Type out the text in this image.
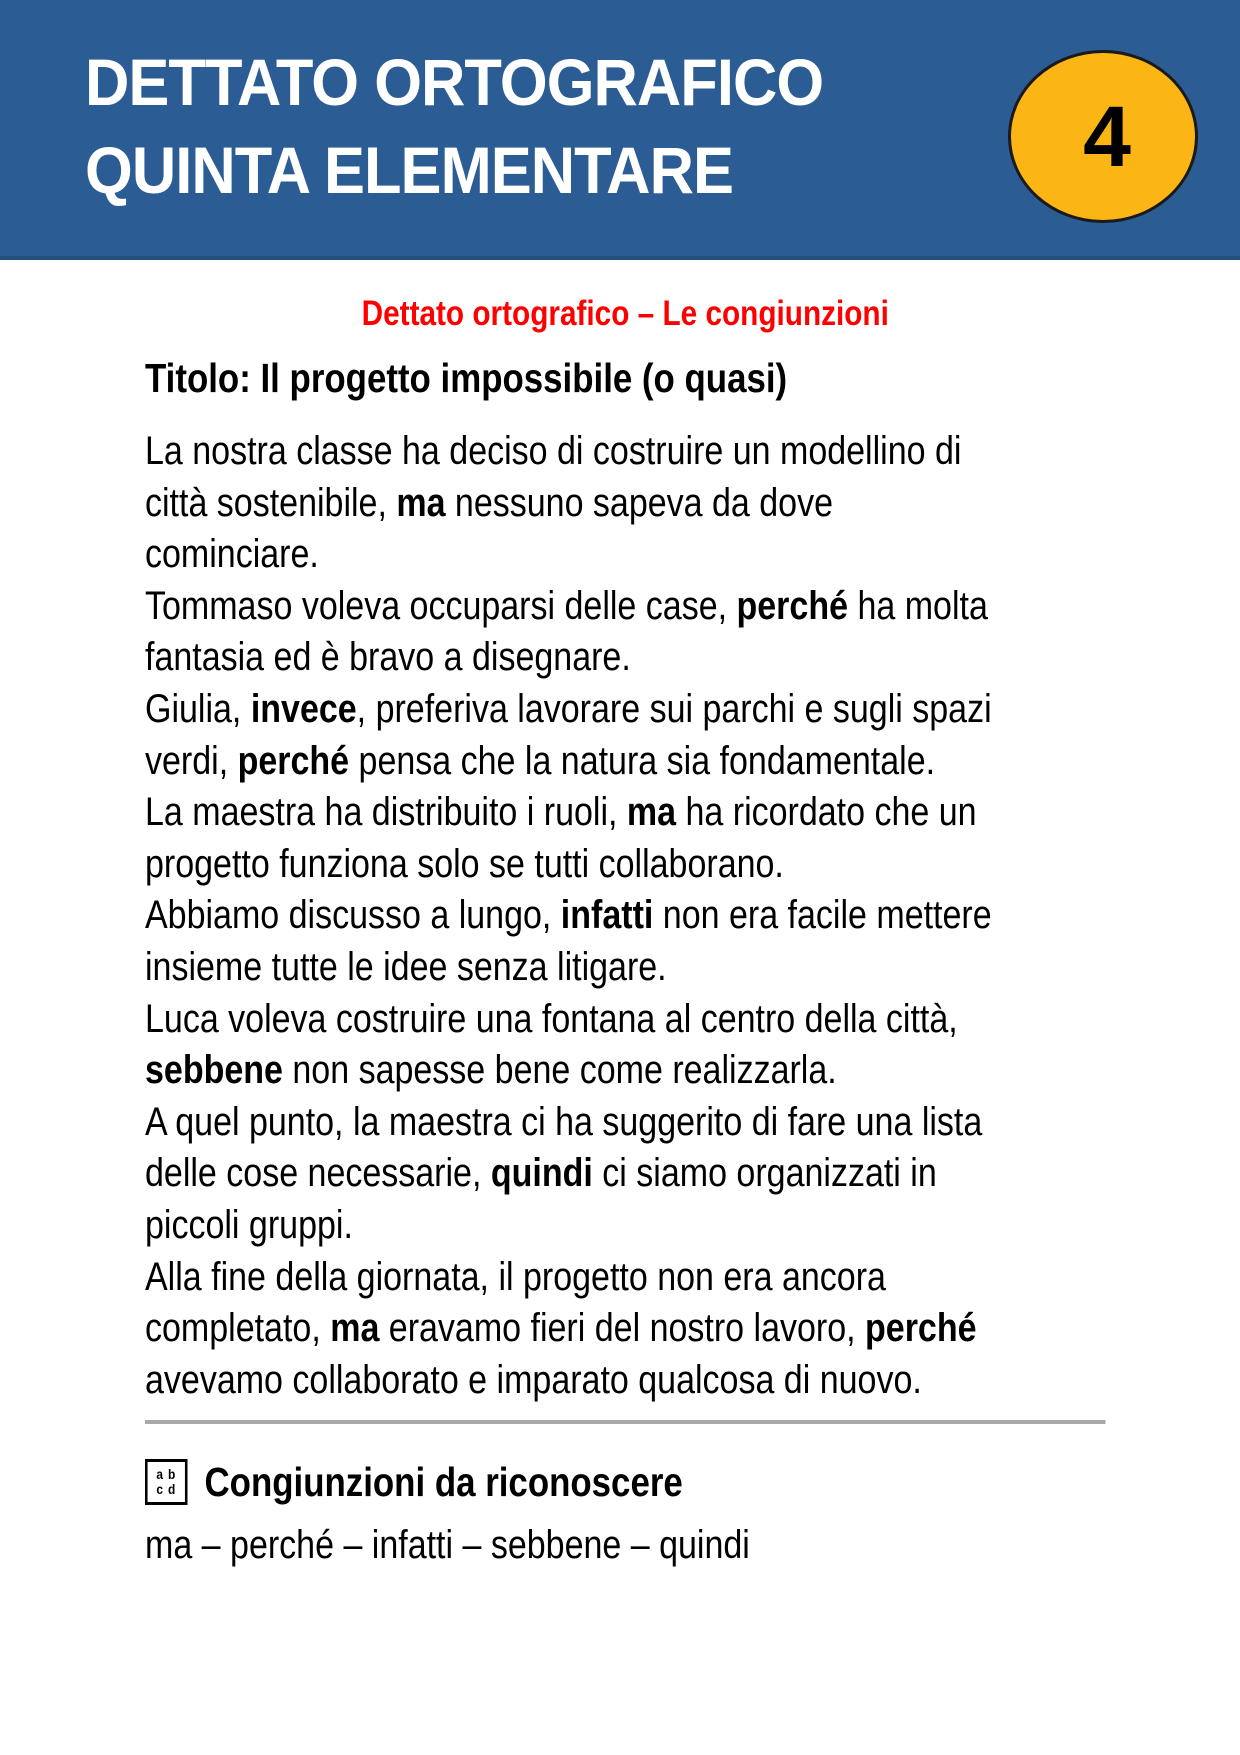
DETTATO ORTOGRAFICO
QUINTA ELEMENTARE	4
Dettato ortografico – Le congiunzioni
Titolo: Il progetto impossibile (o quasi)
La nostra classe ha deciso di costruire un modellino di
città sostenibile, ma nessuno sapeva da dove
cominciare.
Tommaso voleva occuparsi delle case, perché ha molta
fantasia ed è bravo a disegnare.
Giulia, invece, preferiva lavorare sui parchi e sugli spazi
verdi, perché pensa che la natura sia fondamentale.
La maestra ha distribuito i ruoli, ma ha ricordato che un
progetto funziona solo se tutti collaborano.
Abbiamo discusso a lungo, infatti non era facile mettere
insieme tutte le idee senza litigare.
Luca voleva costruire una fontana al centro della città,
sebbene non sapesse bene come realizzarla.
A quel punto, la maestra ci ha suggerito di fare una lista
delle cose necessarie, quindi ci siamo organizzati in
piccoli gruppi.
Alla fine della giornata, il progetto non era ancora
completato, ma eravamo fieri del nostro lavoro, perché
avevamo collaborato e imparato qualcosa di nuovo.
a b
c d Congiunzioni da riconoscere
ma – perché – infatti – sebbene – quindi
